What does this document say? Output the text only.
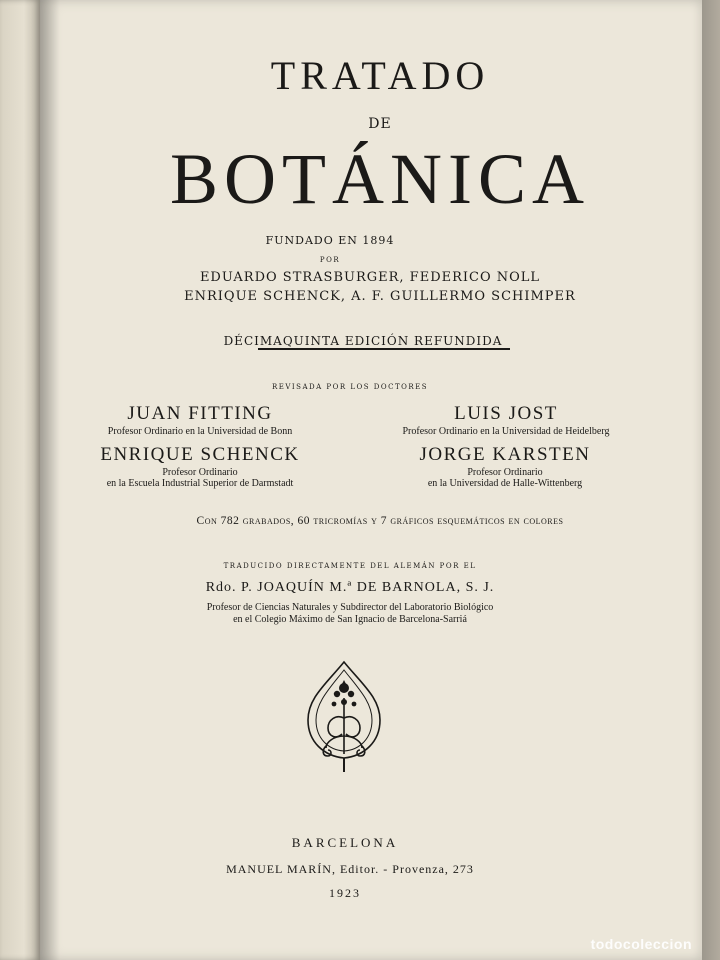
TRATADO
DE
BOTÁNICA
FUNDADO EN 1894
POR
EDUARDO STRASBURGER, FEDERICO NOLL
ENRIQUE SCHENCK, A. F. GUILLERMO SCHIMPER
DÉCIMAQUINTA EDICIÓN REFUNDIDA
REVISADA POR LOS DOCTORES
JUAN FITTING
Profesor Ordinario en la Universidad de Bonn
LUIS JOST
Profesor Ordinario en la Universidad de Heidelberg
ENRIQUE SCHENCK
Profesor Ordinario
en la Escuela Industrial Superior de Darmstadt
JORGE KARSTEN
Profesor Ordinario
en la Universidad de Halle-Wittenberg
Con 782 grabados, 60 tricromías y 7 gráficos esquemáticos en colores
TRADUCIDO DIRECTAMENTE DEL ALEMÁN POR EL
Rdo. P. JOAQUÍN M.ª DE BARNOLA, S. J.
Profesor de Ciencias Naturales y Subdirector del Laboratorio Biológico
en el Colegio Máximo de San Ignacio de Barcelona-Sarriá
BARCELONA
MANUEL MARÍN, Editor. - Provenza, 273
1923
todocoleccion
